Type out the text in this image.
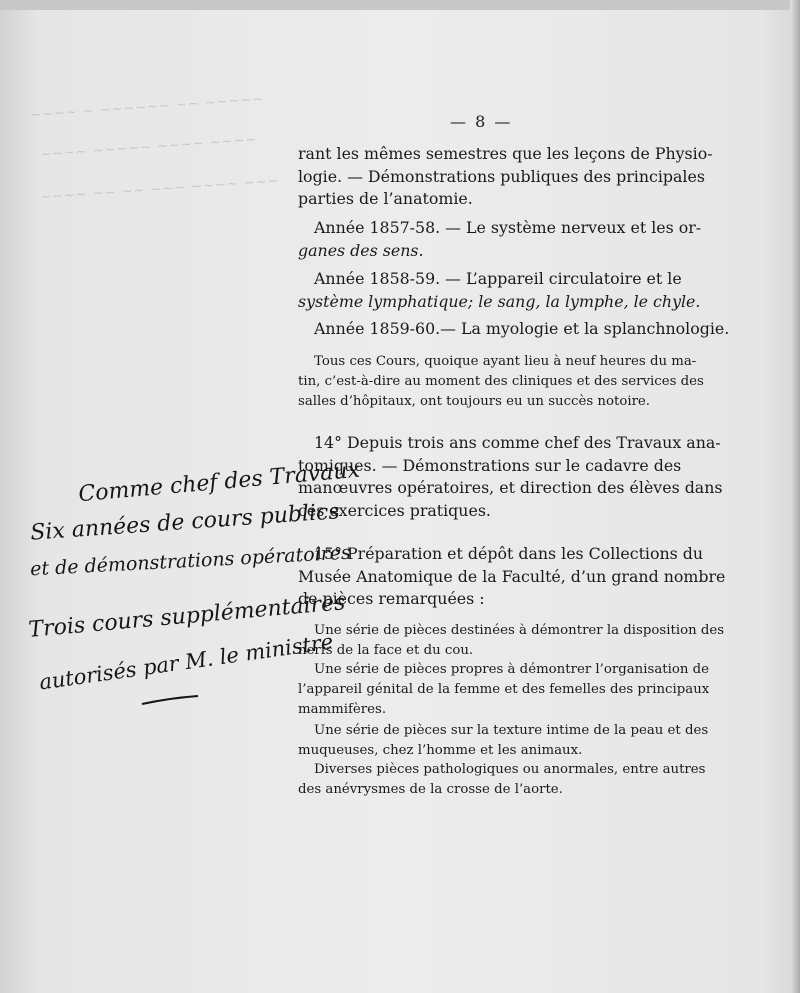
~~~~ ~ ~~~~~~ ~~ ~~~~~
~~~~ ~~~~~ ~~~~ ~~~~
~~~~ ~~ ~~ ~~~ ~~~~ ~~~
— 8 —
rant les mêmes semestres que les leçons de Physio-
logie. — Démonstrations publiques des principales
parties de l’anatomie.
Année 1857-58. — Le système nerveux et les or-
ganes des sens.
Année 1858-59. — L’appareil circulatoire et le
système lymphatique; le sang, la lymphe, le chyle.
Année 1859-60.— La myologie et la splanchnologie.
Tous ces Cours, quoique ayant lieu à neuf heures du ma-
tin, c’est-à-dire au moment des cliniques et des services des
salles d’hôpitaux, ont toujours eu un succès notoire.
14° Depuis trois ans comme chef des Travaux ana-
tomiques. — Démonstrations sur le cadavre des
manœuvres opératoires, et direction des élèves dans
ces exercices pratiques.
15° Préparation et dépôt dans les Collections du
Musée Anatomique de la Faculté, d’un grand nombre
de pièces remarquées :
Une série de pièces destinées à démontrer la disposition des
nerfs de la face et du cou.
Une série de pièces propres à démontrer l’organisation de
l’appareil génital de la femme et des femelles des principaux
mammifères.
Une série de pièces sur la texture intime de la peau et des
muqueuses, chez l’homme et les animaux.
Diverses pièces pathologiques ou anormales, entre autres
des anévrysmes de la crosse de l’aorte.
Comme chef des Travaux
Six années de cours publics
et de démonstrations opératoires
Trois cours supplémentaires
autorisés par M. le ministre
